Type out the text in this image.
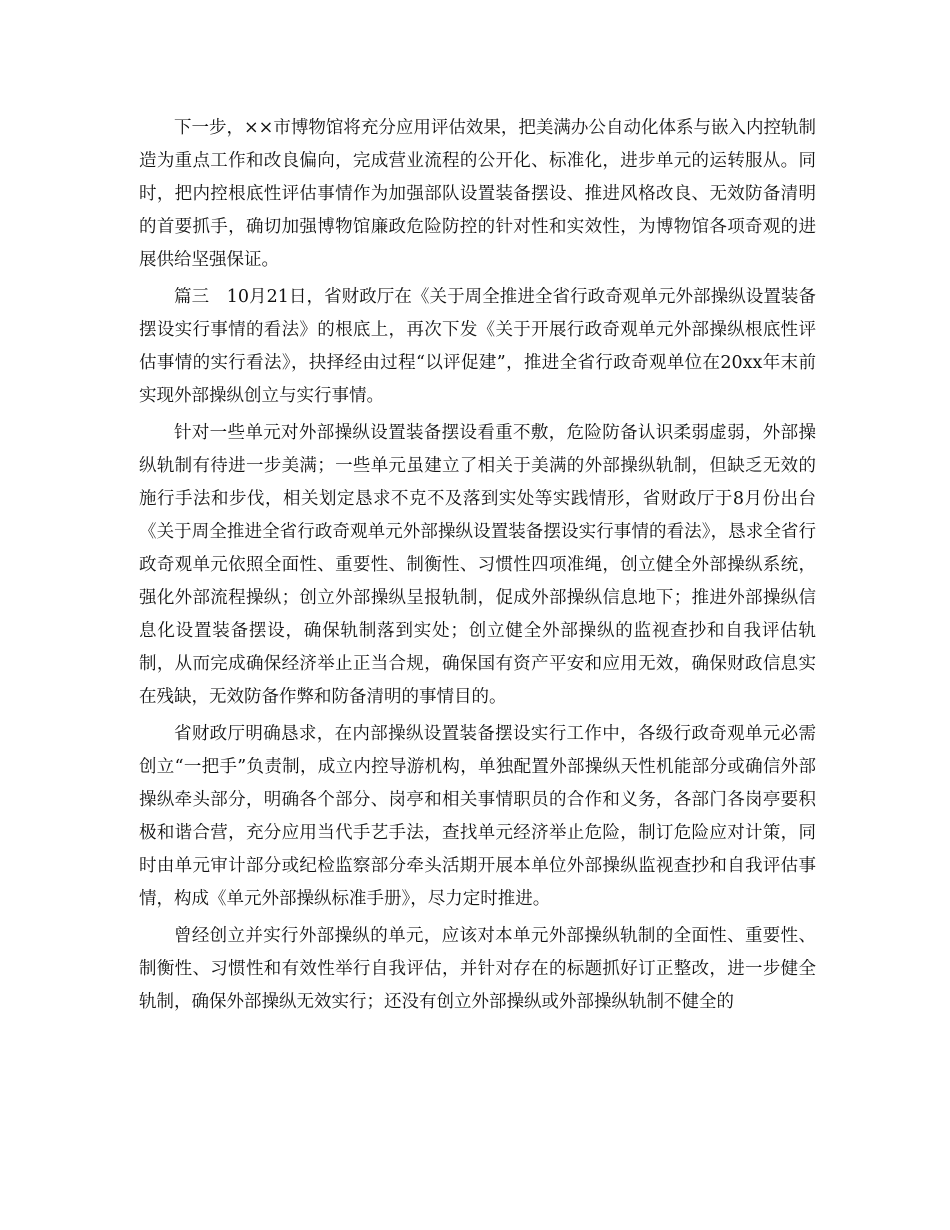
下一步，××市博物馆将充分应用评估效果，把美满办公自动化体系与嵌入内控轨制造为重点工作和改良偏向，完成营业流程的公开化、标准化，进步单元的运转服从。同时，把内控根底性评估事情作为加强部队设置装备摆设、推进风格改良、无效防备清明的首要抓手，确切加强博物馆廉政危险防控的针对性和实效性，为博物馆各项奇观的进展供给坚强保证。

篇三　10月21日，省财政厅在《关于周全推进全省行政奇观单元外部操纵设置装备摆设实行事情的看法》的根底上，再次下发《关于开展行政奇观单元外部操纵根底性评估事情的实行看法》，抉择经由过程“以评促建”，推进全省行政奇观单位在20xx年末前实现外部操纵创立与实行事情。

针对一些单元对外部操纵设置装备摆设看重不敷，危险防备认识柔弱虚弱，外部操纵轨制有待进一步美满；一些单元虽建立了相关于美满的外部操纵轨制，但缺乏无效的施行手法和步伐，相关划定恳求不克不及落到实处等实践情形，省财政厅于8月份出台《关于周全推进全省行政奇观单元外部操纵设置装备摆设实行事情的看法》，恳求全省行政奇观单元依照全面性、重要性、制衡性、习惯性四项准绳，创立健全外部操纵系统，强化外部流程操纵；创立外部操纵呈报轨制，促成外部操纵信息地下；推进外部操纵信息化设置装备摆设，确保轨制落到实处；创立健全外部操纵的监视查抄和自我评估轨制，从而完成确保经济举止正当合规，确保国有资产平安和应用无效，确保财政信息实在残缺，无效防备作弊和防备清明的事情目的。

省财政厅明确恳求，在内部操纵设置装备摆设实行工作中，各级行政奇观单元必需创立“一把手”负责制，成立内控导游机构，单独配置外部操纵天性机能部分或确信外部操纵牵头部分，明确各个部分、岗亭和相关事情职员的合作和义务，各部门各岗亭要积极和谐合营，充分应用当代手艺手法，查找单元经济举止危险，制订危险应对计策，同时由单元审计部分或纪检监察部分牵头活期开展本单位外部操纵监视查抄和自我评估事情，构成《单元外部操纵标准手册》，尽力定时推进。

曾经创立并实行外部操纵的单元，应该对本单元外部操纵轨制的全面性、重要性、制衡性、习惯性和有效性举行自我评估，并针对存在的标题抓好订正整改，进一步健全轨制，确保外部操纵无效实行；还没有创立外部操纵或外部操纵轨制不健全的
